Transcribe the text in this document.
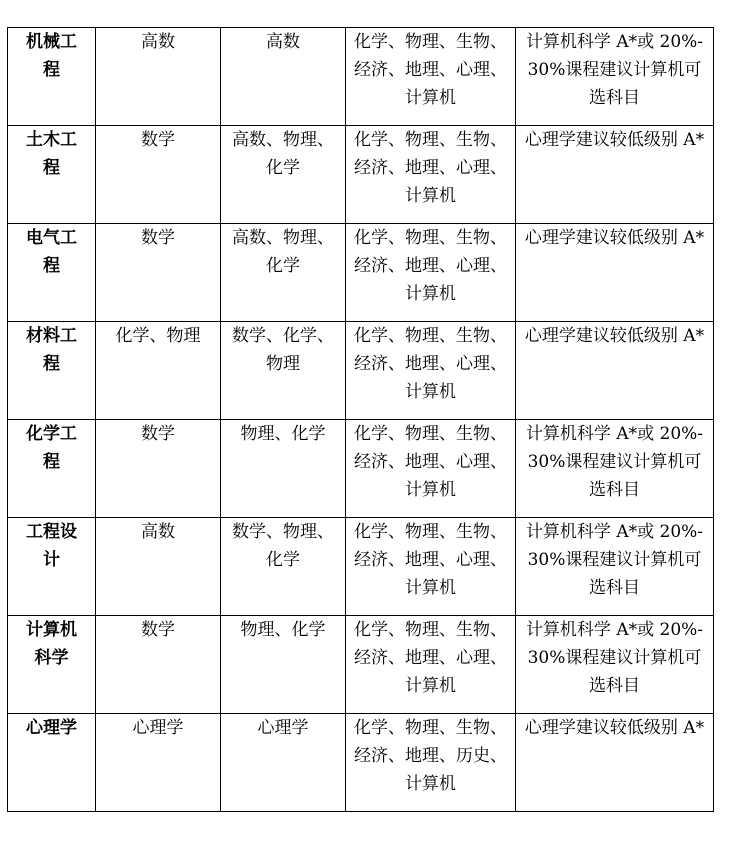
机械工程	高数	高数	化学、物理、生物、经济、地理、心理、计算机	计算机科学 A*或 20%-30%课程建议计算机可选科目
土木工程	数学	高数、物理、化学	化学、物理、生物、经济、地理、心理、计算机	心理学建议较低级别 A*
电气工程	数学	高数、物理、化学	化学、物理、生物、经济、地理、心理、计算机	心理学建议较低级别 A*
材料工程	化学、物理	数学、化学、物理	化学、物理、生物、经济、地理、心理、计算机	心理学建议较低级别 A*
化学工程	数学	物理、化学	化学、物理、生物、经济、地理、心理、计算机	计算机科学 A*或 20%-30%课程建议计算机可选科目
工程设计	高数	数学、物理、化学	化学、物理、生物、经济、地理、心理、计算机	计算机科学 A*或 20%-30%课程建议计算机可选科目
计算机科学	数学	物理、化学	化学、物理、生物、经济、地理、心理、计算机	计算机科学 A*或 20%-30%课程建议计算机可选科目
心理学	心理学	心理学	化学、物理、生物、经济、地理、历史、计算机	心理学建议较低级别 A*
